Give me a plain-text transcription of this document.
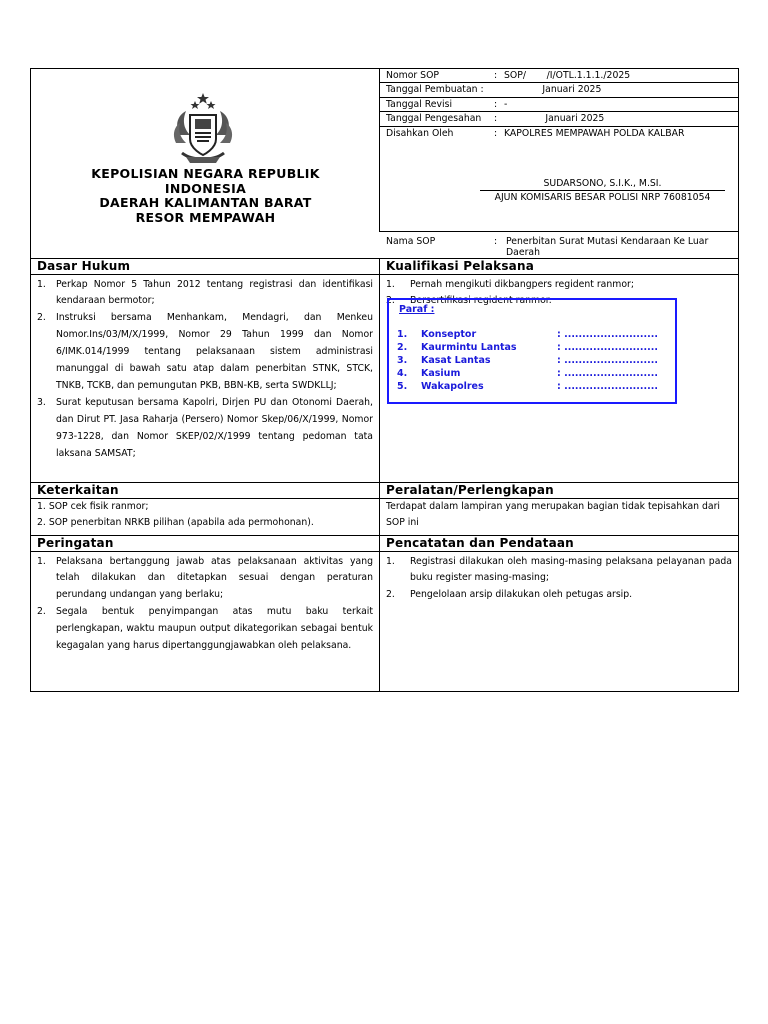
KEPOLISIAN NEGARA REPUBLIK
INDONESIA
DAERAH KALIMANTAN BARAT
RESOR MEMPAWAH
Nomor SOP	: SOP/       /I/OTL.1.1.1./2025
Tanggal Pembuatan :	Januari 2025
Tanggal Revisi	: -
Tanggal Pengesahan	: Januari 2025
Disahkan Oleh	: KAPOLRES MEMPAWAH POLDA KALBAR
SUDARSONO, S.I.K., M.SI.
AJUN KOMISARIS BESAR POLISI NRP 76081054
Nama SOP	: Penerbitan Surat Mutasi Kendaraan Ke Luar Daerah
Dasar Hukum
1.	Perkap Nomor 5 Tahun 2012 tentang registrasi dan identifikasi kendaraan bermotor;
2.	Instruksi bersama Menhankam, Mendagri, dan Menkeu Nomor.Ins/03/M/X/1999, Nomor 29 Tahun 1999 dan Nomor 6/IMK.014/1999 tentang pelaksanaan sistem administrasi manunggal di bawah satu atap dalam penerbitan STNK, STCK, TNKB, TCKB, dan pemungutan PKB, BBN-KB, serta SWDKLLJ;
3.	Surat keputusan bersama Kapolri, Dirjen PU dan Otonomi Daerah, dan Dirut PT. Jasa Raharja (Persero) Nomor Skep/06/X/1999, Nomor 973-1228, dan Nomor SKEP/02/X/1999 tentang pedoman tata laksana SAMSAT;
Kualifikasi Pelaksana
1.	Pernah mengikuti dikbangpers regident ranmor;
2.	Bersertifikasi regident ranmor.
Keterkaitan
1. SOP cek fisik ranmor;
2. SOP penerbitan NRKB pilihan (apabila ada permohonan).
Peralatan/Perlengkapan
Terdapat dalam lampiran yang merupakan bagian tidak tepisahkan dari SOP ini
Peringatan
1.	Pelaksana bertanggung jawab atas pelaksanaan aktivitas yang telah dilakukan dan ditetapkan sesuai dengan peraturan perundang undangan yang berlaku;
2.	Segala bentuk penyimpangan atas mutu baku terkait perlengkapan, waktu maupun output dikategorikan sebagai bentuk kegagalan yang harus dipertanggungjawabkan oleh pelaksana.
Pencatatan dan Pendataan
1.	Registrasi dilakukan oleh masing-masing pelaksana pelayanan pada buku register masing-masing;
2.	Pengelolaan arsip dilakukan oleh petugas arsip.
Paraf :
1.	Konseptor	: ..........................
2.	Kaurmintu Lantas	: ..........................
3.	Kasat Lantas	: ..........................
4.	Kasium	: ..........................
5.	Wakapolres	: ..........................
